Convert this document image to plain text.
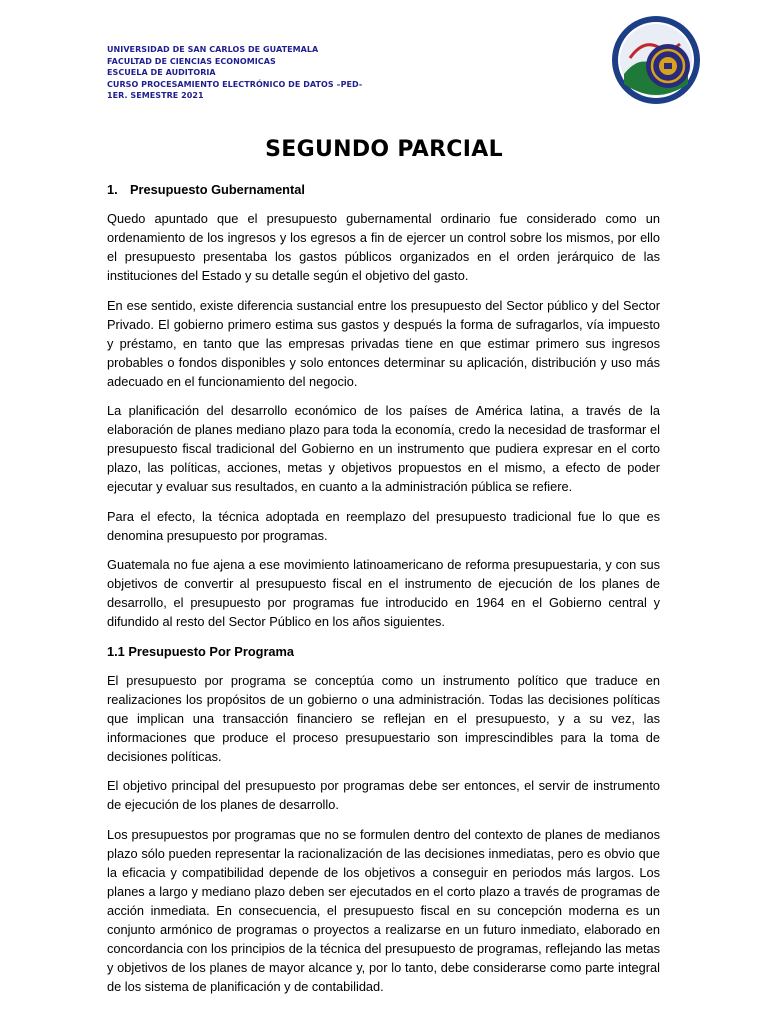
UNIVERSIDAD DE SAN CARLOS DE GUATEMALA
FACULTAD DE CIENCIAS ECONOMICAS
ESCUELA DE AUDITORIA
CURSO PROCESAMIENTO ELECTRÓNICO DE DATOS –PED-
1ER. SEMESTRE 2021
SEGUNDO PARCIAL
1. Presupuesto Gubernamental

Quedo apuntado que el presupuesto gubernamental ordinario fue considerado como un ordenamiento de los ingresos y los egresos a fin de ejercer un control sobre los mismos, por ello el presupuesto presentaba los gastos públicos organizados en el orden jerárquico de las instituciones del Estado y su detalle según el objetivo del gasto.

En ese sentido, existe diferencia sustancial entre los presupuesto del Sector público y del Sector Privado. El gobierno primero estima sus gastos y después la forma de sufragarlos, vía impuesto y préstamo, en tanto que las empresas privadas tiene en que estimar primero sus ingresos probables o fondos disponibles y solo entonces determinar su aplicación, distribución y uso más adecuado en el funcionamiento del negocio.

La planificación del desarrollo económico de los países de América latina, a través de la elaboración de planes mediano plazo para toda la economía, credo la necesidad de trasformar el presupuesto fiscal tradicional del Gobierno en un instrumento que pudiera expresar en el corto plazo, las políticas, acciones, metas y objetivos propuestos en el mismo, a efecto de poder ejecutar y evaluar sus resultados, en cuanto a la administración pública se refiere.

Para el efecto, la técnica adoptada en reemplazo del presupuesto tradicional fue lo que es denomina presupuesto por programas.

Guatemala no fue ajena a ese movimiento latinoamericano de reforma presupuestaria, y con sus objetivos de convertir al presupuesto fiscal en el instrumento de ejecución de los planes de desarrollo, el presupuesto por programas fue introducido en 1964 en el Gobierno central y difundido al resto del Sector Público en los años siguientes.

1.1 Presupuesto Por Programa

El presupuesto por programa se conceptúa como un instrumento político que traduce en realizaciones los propósitos de un gobierno o una administración. Todas las decisiones políticas que implican una transacción financiero se reflejan en el presupuesto, y a su vez, las informaciones que produce el proceso presupuestario son imprescindibles para la toma de decisiones políticas.

El objetivo principal del presupuesto por programas debe ser entonces, el servir de instrumento de ejecución de los planes de desarrollo.

Los presupuestos por programas que no se formulen dentro del contexto de planes de medianos plazo sólo pueden representar la racionalización de las decisiones inmediatas, pero es obvio que la eficacia y compatibilidad depende de los objetivos a conseguir en periodos más largos. Los planes a largo y mediano plazo deben ser ejecutados en el corto plazo a través de programas de acción inmediata. En consecuencia, el presupuesto fiscal en su concepción moderna es un conjunto armónico de programas o proyectos a realizarse en un futuro inmediato, elaborado en concordancia con los principios de la técnica del presupuesto de programas, reflejando las metas y objetivos de los planes de mayor alcance y, por lo tanto, debe considerarse como parte integral de los sistema de planificación y de contabilidad.
